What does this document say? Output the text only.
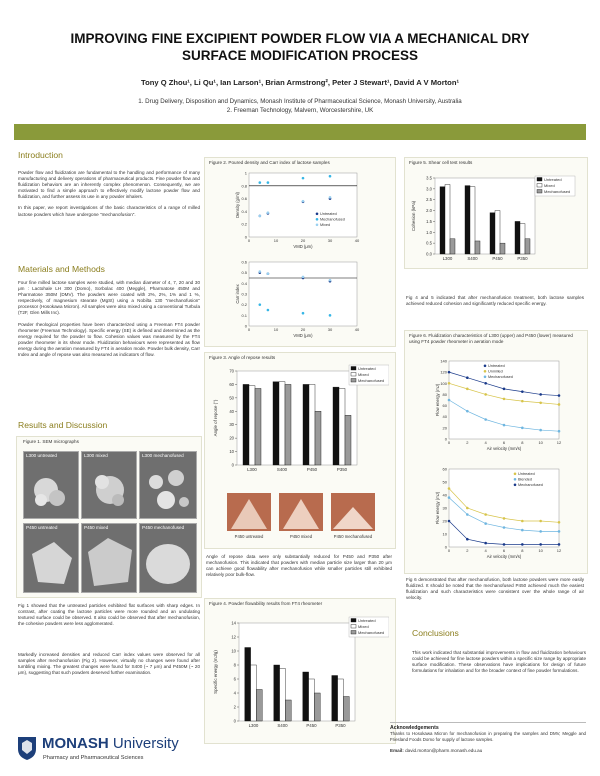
IMPROVING FINE EXCIPIENT POWDER FLOW VIA A MECHANICAL DRY
SURFACE MODIFICATION PROCESS
Tony Q Zhou¹, Li Qu¹, Ian Larson¹, Brian Armstrong², Peter J Stewart¹, David A V Morton¹
1. Drug Delivery, Disposition and Dynamics, Monash Institute of Pharmaceutical Science, Monash University, Australia
2. Freeman Technology, Malvern, Worcestershire, UK
Introduction
Powder flow and fluidization are fundamental to the handling and performance of many manufacturing and delivery operations of pharmaceutical products. Fine powder flow and fluidization behaviors are an inherently complex phenomenon. Consequently, we are motivated to find a simple approach to effectively modify lactose powder flow and fluidization, and further assess its use in any powder inhalers.
In this paper, we report investigations of the basic characteristics of a range of milled lactose powders which have undergone "mechanofusion".
Materials and Methods
Four fine milled lactose samples were studied, with median diameter of 4, 7, 20 and 30 μm : Lactohale LH 300 (Domo), Sorbolac 400 (Meggle), Pharmatose 450M and Pharmatose 350M (DMV). The powders were coated with 2%, 2%, 1% and 1 %, respectively, of magnesium stearate (MgSt) using a Nobilta 130 "mechanofusion" processor (Hosokawa Micron). All samples were also mixed using a conventional Turbula (T2F, Glen Mills Inc).
Powder rheological properties have been characterized using a Freeman FT4 powder rheometer (Freeman Technology). Specific energy (SE) is defined and determined as the energy required for the powder to flow. Cohesion values was measured by the FT4 powder rheometer in its shear mode. Fluidization behaviours were represented as flow energy during the aeration measured by FT4 in aeration mode. Powder bulk density, Carr Index and angle of repose was also measured as indicators of flow.
Results and Discussion
Figure 1. SEM micrographs
L300 untreated	L300 mixed	L300 mechanofused
P450 untreated	P450 mixed	P450 mechanofused
Fig 1 showed that the untreated particles exhibited flat surfaces with sharp edges. In contrast, after coating the lactose particles were more rounded and an undulating textured surface could be observed. It also could be observed that after mechanofusion, the cohesive powders were less agglomerated.
Markedly increased densities and reduced Carr index values were observed for all samples after mechanofusion (Fig 2). However, virtually no changes were found after tumbling mixing. The greatest changes were found for S400 (~ 7 μm) and P450M (~ 20 μm), suggesting that such powders deserved further examination.
MONASH University
Pharmacy and Pharmaceutical Sciences
Figure 2. Poured density and Carr index of lactose samples
1
0.8
0.6
0.4
0.2
0
0	10	20	30	40
VMD (μm)
Density (g/ml)	Untreated
Mechanofused
Mixed
0.6
0.5
0.4
0.3
0.2
0.1
0
0	10	20	30	40
VMD (μm)
Carr index
Figure 3. Angle of repose results
70
60
50
40
30
20
10
0
Angle of repose (°)
L300	S400	P450	P350
Untreated
Mixed
Mechanofused
P450 untreated	P450 mixed	P450 mechanofused
Angle of repose data were only substantially reduced for P450 and P350 after mechanofusion. This indicated that powders with median particle size larger than 20 μm can achieve good flowability after mechanofusion while smaller particles still exhibited relatively poor bulk-flow.
Figure 4. Powder flowability results from FT4 rheometer
14
12
10
8
6
4
2
0
Specific energy (mJ/g)
L300	S400	P450	P350
Untreated
Mixed
Mechanofused
Figure 5. Shear cell test results
3.5
3.0
2.5
2.0
1.5
1.0
0.5
0.0
Cohesion (kPa)
L300	S400	P450	P350
Untreated
Mixed
Mechanofused
Fig 4 and 5 indicated that after mechanofusion treatment, both lactose samples achieved reduced cohesion and significantly reduced specific energy.
Figure 6. Fluidization characteristics of L300 (upper) and P450 (lower) measured using FT4 powder rheometer in aeration mode
140
120
100
80
60
40
20
0
0	2	4	6	8	10	12
Air velocity (mm/s)
Flow energy (mJ)
Untreated
Unmilled
Mechanofused
60
50
40
30
20
10
0
0	2	4	6	8	10	12
Air velocity (mm/s)
Flow energy (mJ)
Untreated
Blended
Mechanofused
Fig 6 demonstrated that after mechanofusion, both lactose powders were more easily fluidized. It should be noted that the mechanofused P450 achieved much the easiest fluidization and such characteristics were consistent over the whole range of air velocity.
Conclusions
This work indicated that substantial improvements in flow and fluidization behaviours could be achieved for fine lactose powders within a specific size range by appropriate surface modification. These observations have implications for design of future formulations for inhalation and for the broader context of fine powder formulations.
Acknowledgements
Thanks to Hosokawa Micron for mechanofusion in preparing the samples and DMV, Meggle and Friesland Foods Domo for supply of lactose samples.
Email: david.morton@pharm.monash.edu.au
